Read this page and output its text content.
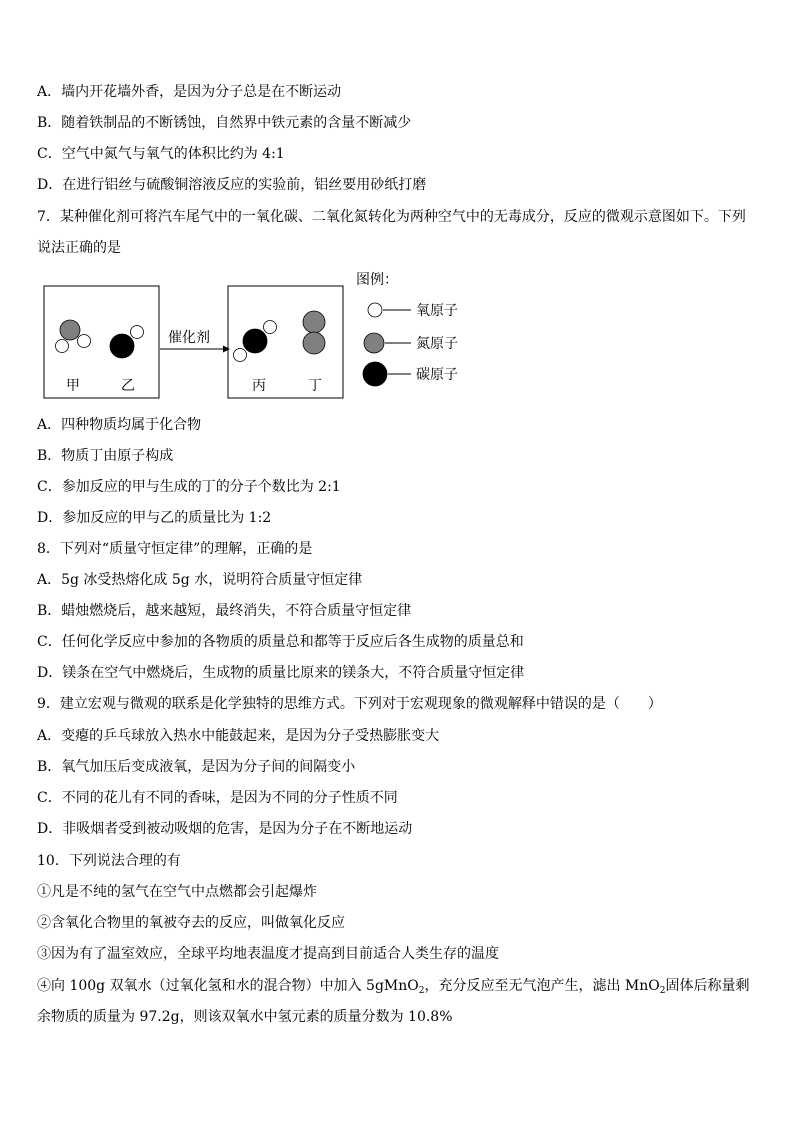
A．墙内开花墙外香，是因为分子总是在不断运动
B．随着铁制品的不断锈蚀，自然界中铁元素的含量不断减少
C．空气中氮气与氧气的体积比约为 4:1
D．在进行铝丝与硫酸铜溶液反应的实验前，铝丝要用砂纸打磨
7．某种催化剂可将汽车尾气中的一氧化碳、二氧化氮转化为两种空气中的无毒成分，反应的微观示意图如下。下列说法正确的是
甲	乙
催化剂
丙	丁
图例：
氧原子
氮原子
碳原子
A．四种物质均属于化合物
B．物质丁由原子构成
C．参加反应的甲与生成的丁的分子个数比为 2:1
D．参加反应的甲与乙的质量比为 1:2
8．下列对“质量守恒定律”的理解，正确的是
A．5g 冰受热熔化成 5g 水，说明符合质量守恒定律
B．蜡烛燃烧后，越来越短，最终消失，不符合质量守恒定律
C．任何化学反应中参加的各物质的质量总和都等于反应后各生成物的质量总和
D．镁条在空气中燃烧后，生成物的质量比原来的镁条大，不符合质量守恒定律
9．建立宏观与微观的联系是化学独特的思维方式。下列对于宏观现象的微观解释中错误的是（　　）
A．变瘪的乒乓球放入热水中能鼓起来，是因为分子受热膨胀变大
B．氧气加压后变成液氧，是因为分子间的间隔变小
C．不同的花儿有不同的香味，是因为不同的分子性质不同
D．非吸烟者受到被动吸烟的危害，是因为分子在不断地运动
10．下列说法合理的有
①凡是不纯的氢气在空气中点燃都会引起爆炸
②含氧化合物里的氧被夺去的反应，叫做氧化反应
③因为有了温室效应，全球平均地表温度才提高到目前适合人类生存的温度
④向 100g 双氧水（过氧化氢和水的混合物）中加入 5gMnO$_2$，充分反应至无气泡产生，滤出 MnO$_2$固体后称量剩余物质的质量为 97.2g，则该双氧水中氢元素的质量分数为 10.8%
